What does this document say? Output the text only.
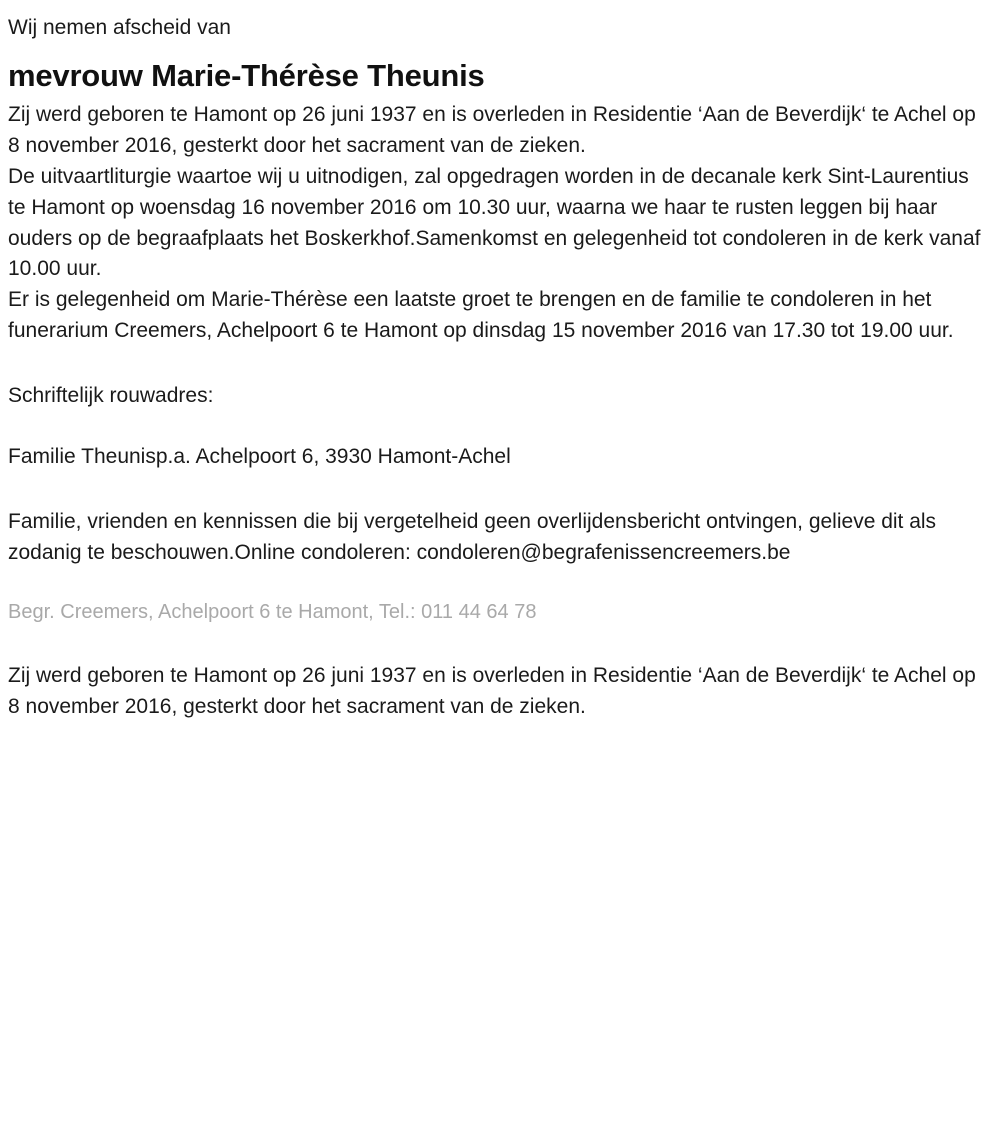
Wij nemen afscheid van

mevrouw Marie-Thérèse Theunis

Zij werd geboren te Hamont op 26 juni 1937 en is overleden in Residentie ‘Aan de Beverdijk‘ te Achel op 8 november 2016, gesterkt door het sacrament van de zieken.

De uitvaartliturgie waartoe wij u uitnodigen, zal opgedragen worden in de decanale kerk Sint-Laurentius te Hamont op woensdag 16 november 2016 om 10.30 uur, waarna we haar te rusten leggen bij haar ouders op de begraafplaats het Boskerkhof.Samenkomst en gelegenheid tot condoleren in de kerk vanaf 10.00 uur.

Er is gelegenheid om Marie-Thérèse een laatste groet te brengen en de familie te condoleren in het funerarium Creemers, Achelpoort 6 te Hamont op dinsdag 15 november 2016 van 17.30 tot 19.00 uur.

Schriftelijk rouwadres:

Familie Theunisp.a. Achelpoort 6, 3930 Hamont-Achel

Familie, vrienden en kennissen die bij vergetelheid geen overlijdensbericht ontvingen, gelieve dit als zodanig te beschouwen.Online condoleren: condoleren@begrafenissencreemers.be

Begr. Creemers, Achelpoort 6 te Hamont, Tel.: 011 44 64 78

Zij werd geboren te Hamont op 26 juni 1937 en is overleden in Residentie ‘Aan de Beverdijk‘ te Achel op 8 november 2016, gesterkt door het sacrament van de zieken.
